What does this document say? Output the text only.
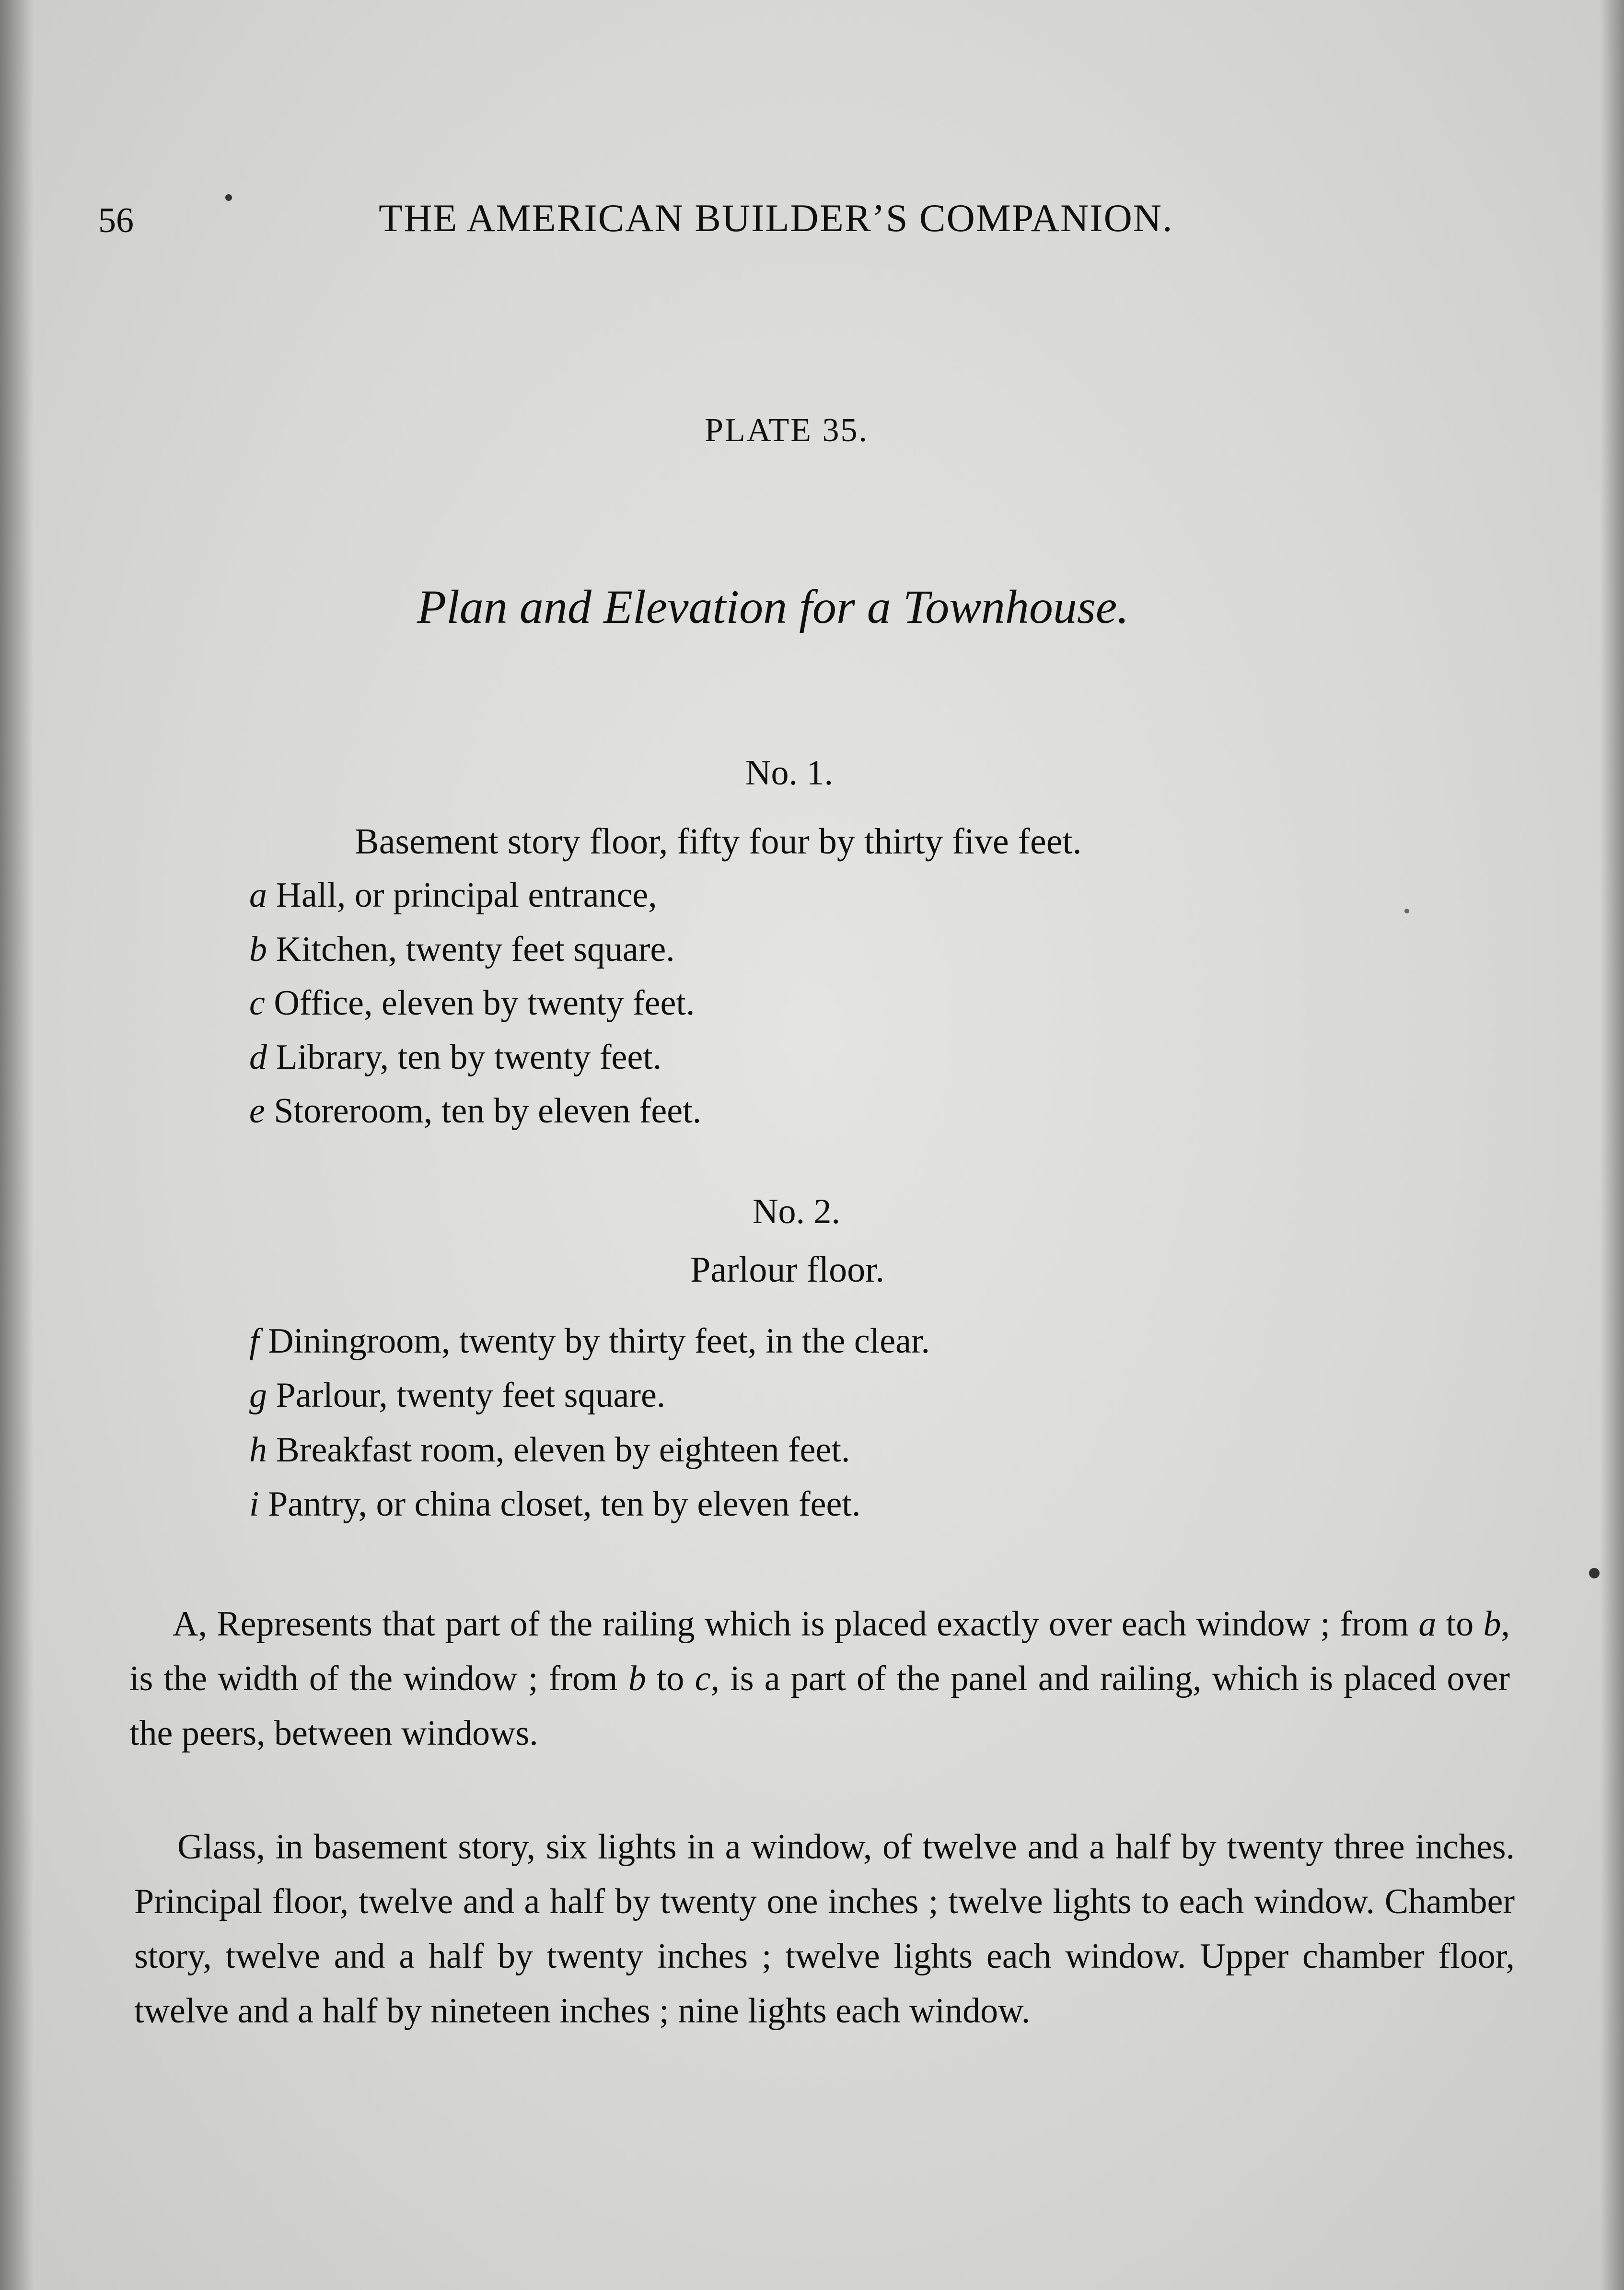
56	THE AMERICAN BUILDER’S COMPANION.
PLATE 35.
Plan and Elevation for a Townhouse.
No. 1.
Basement story floor, fifty four by thirty five feet.
a Hall, or principal entrance,
b Kitchen, twenty feet square.
c Office, eleven by twenty feet.
d Library, ten by twenty feet.
e Storeroom, ten by eleven feet.
No. 2.
Parlour floor.
f Diningroom, twenty by thirty feet, in the clear.
g Parlour, twenty feet square.
h Breakfast room, eleven by eighteen feet.
i Pantry, or china closet, ten by eleven feet.
A, Represents that part of the railing which is placed exactly over each window ; from a to b, is the width of the window ; from b to c, is a part of the panel and railing, which is placed over the peers, between windows.
Glass, in basement story, six lights in a window, of twelve and a half by twenty three inches. Principal floor, twelve and a half by twenty one inches ; twelve lights to each window. Chamber story, twelve and a half by twenty inches ; twelve lights each window. Upper chamber floor, twelve and a half by nineteen inches ; nine lights each window.
